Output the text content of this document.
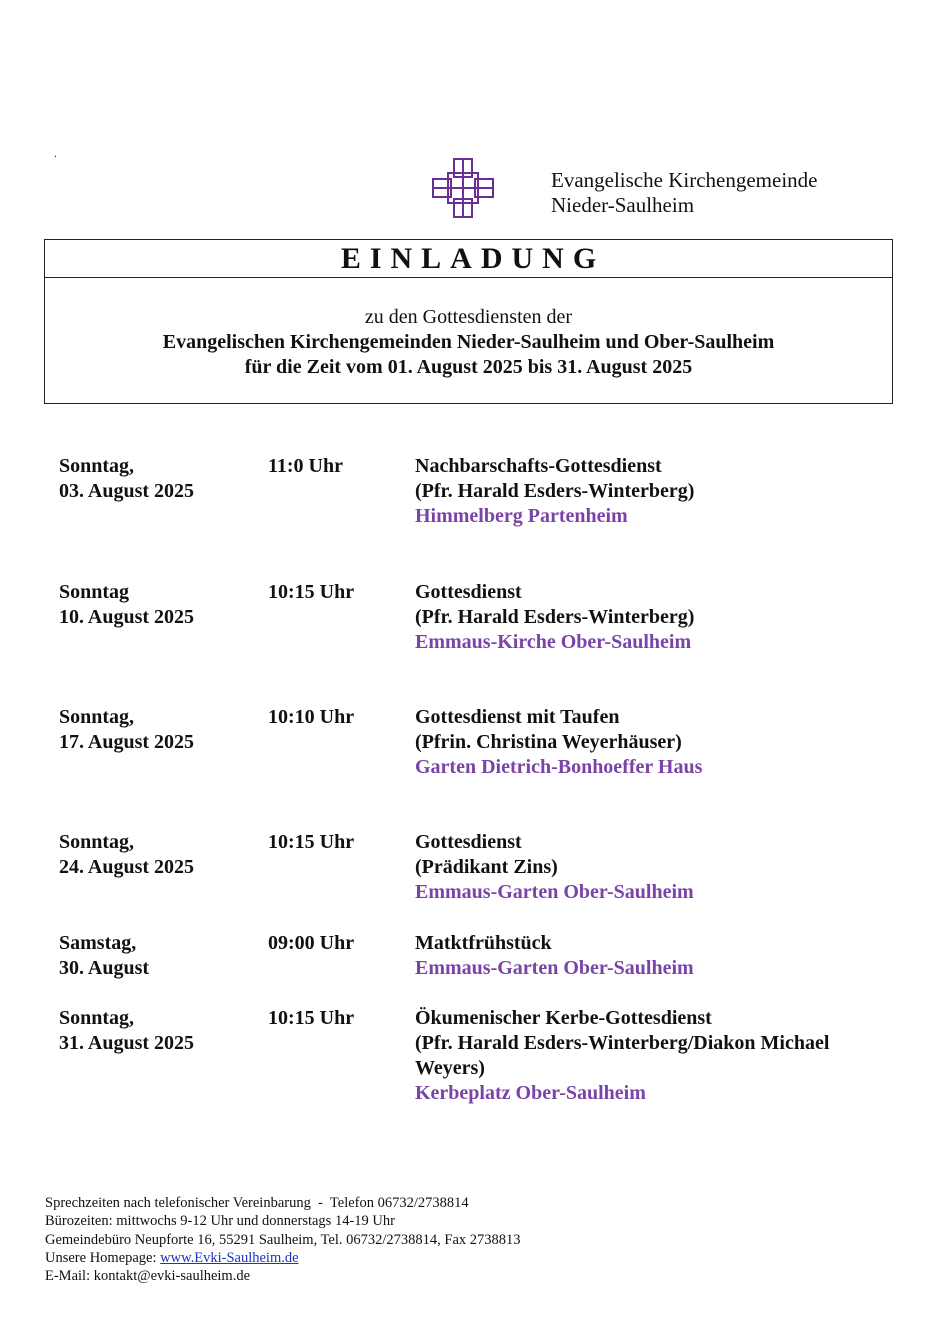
.
Evangelische Kirchengemeinde
Nieder-Saulheim
EINLADUNG
zu den Gottesdiensten der
Evangelischen Kirchengemeinden Nieder-Saulheim und Ober-Saulheim
für die Zeit vom 01. August 2025 bis 31. August 2025
Sonntag,
03. August 2025
11:0 Uhr	Nachbarschafts-Gottesdienst
(Pfr. Harald Esders-Winterberg)
Himmelberg Partenheim
Sonntag
10. August 2025
10:15 Uhr	Gottesdienst
(Pfr. Harald Esders-Winterberg)
Emmaus-Kirche Ober-Saulheim
Sonntag,
17. August 2025
10:10 Uhr	Gottesdienst mit Taufen
(Pfrin. Christina Weyerhäuser)
Garten Dietrich-Bonhoeffer Haus
Sonntag,
24. August 2025
10:15 Uhr	Gottesdienst
(Prädikant Zins)
Emmaus-Garten Ober-Saulheim
Samstag,
30. August
09:00 Uhr	Matktfrühstück
Emmaus-Garten Ober-Saulheim
Sonntag,
31. August 2025
10:15 Uhr	Ökumenischer Kerbe-Gottesdienst
(Pfr. Harald Esders-Winterberg/Diakon Michael Weyers)
Kerbeplatz Ober-Saulheim
Sprechzeiten nach telefonischer Vereinbarung  -  Telefon 06732/2738814
Bürozeiten: mittwochs 9-12 Uhr und donnerstags 14-19 Uhr
Gemeindebüro Neupforte 16, 55291 Saulheim, Tel. 06732/2738814, Fax 2738813
Unsere Homepage: www.Evki-Saulheim.de
E-Mail: kontakt@evki-saulheim.de
